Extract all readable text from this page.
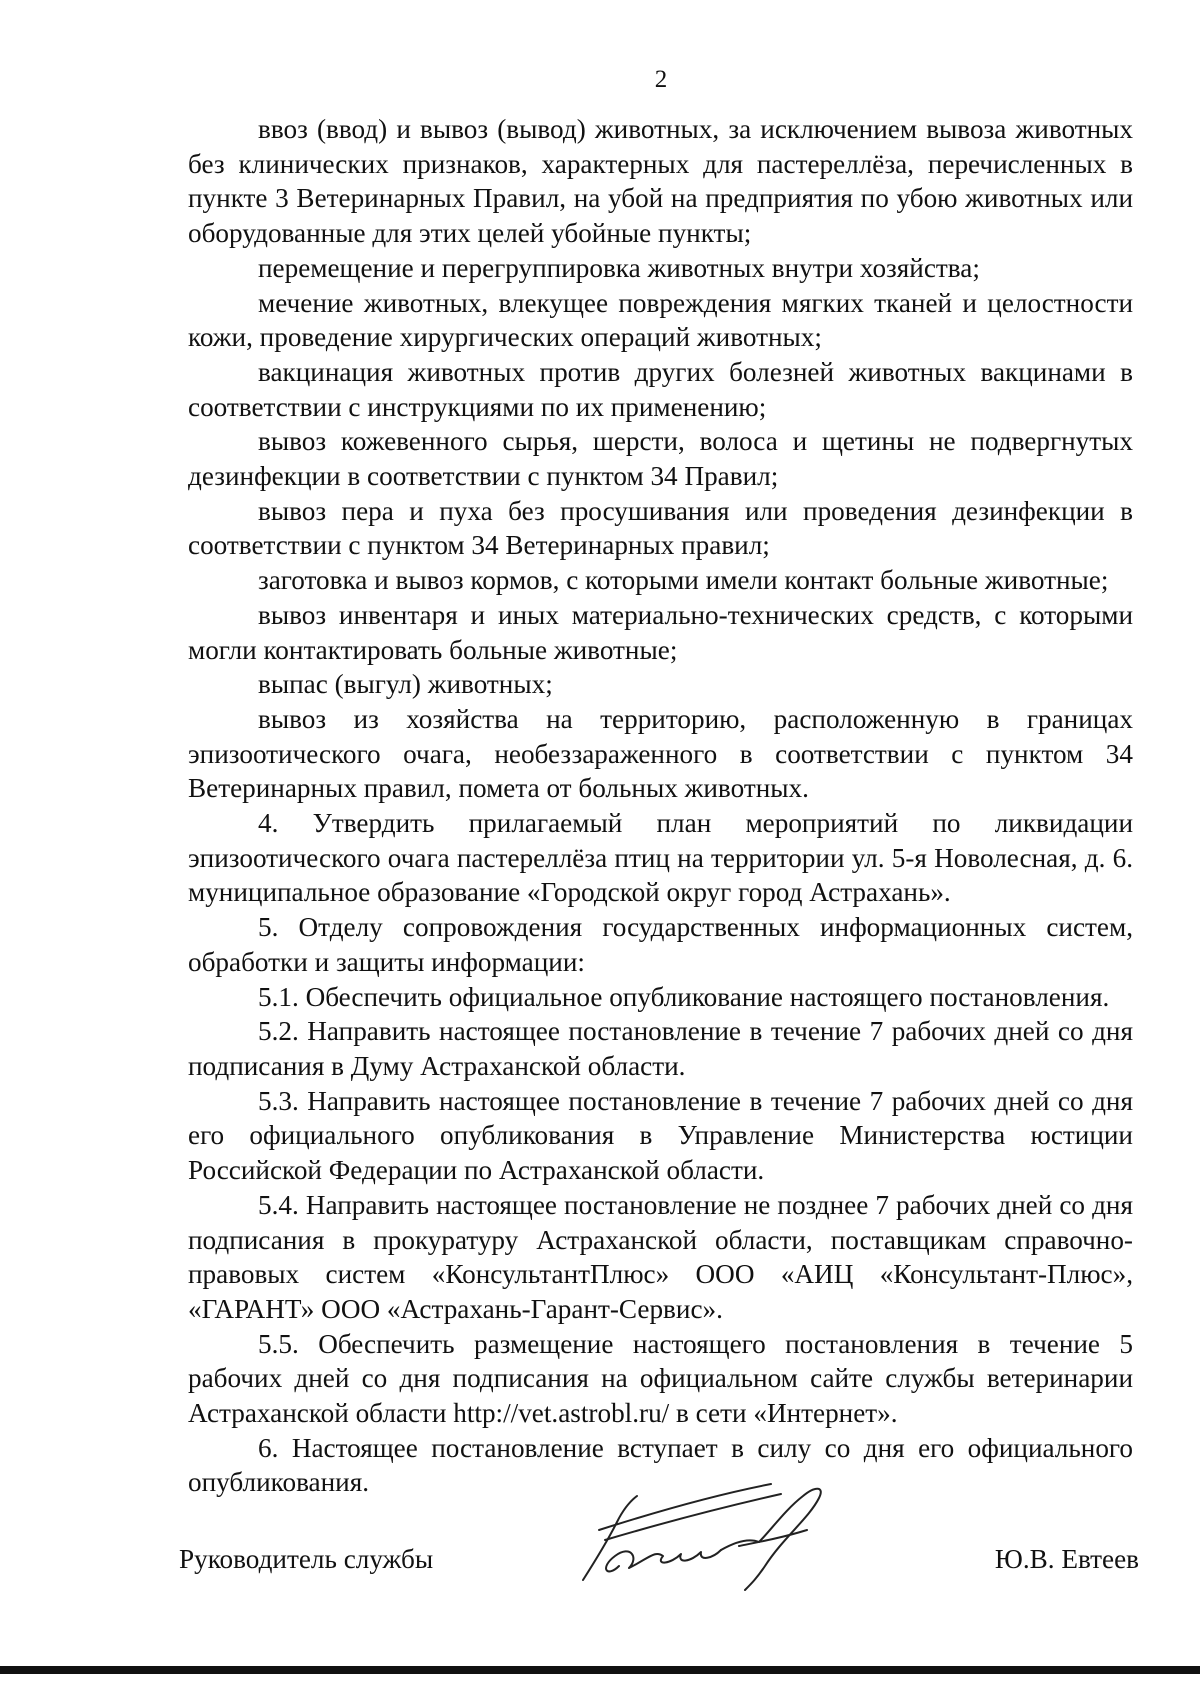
2

ввоз (ввод) и вывоз (вывод) животных, за исключением вывоза животных без клинических признаков, характерных для пастереллёза, перечисленных в пункте 3 Ветеринарных Правил, на убой на предприятия по убою животных или оборудованные для этих целей убойные пункты;

перемещение и перегруппировка животных внутри хозяйства;

мечение животных, влекущее повреждения мягких тканей и целостности кожи, проведение хирургических операций животных;

вакцинация животных против других болезней животных вакцинами в соответствии с инструкциями по их применению;

вывоз кожевенного сырья, шерсти, волоса и щетины не подвергнутых дезинфекции в соответствии с пунктом 34 Правил;

вывоз пера и пуха без просушивания или проведения дезинфекции в соответствии с пунктом 34 Ветеринарных правил;

заготовка и вывоз кормов, с которыми имели контакт больные животные;

вывоз инвентаря и иных материально-технических средств, с которыми могли контактировать больные животные;

выпас (выгул) животных;

вывоз из хозяйства на территорию, расположенную в границах эпизоотического очага, необеззараженного в соответствии с пунктом 34 Ветеринарных правил, помета от больных животных.

4. Утвердить прилагаемый план мероприятий по ликвидации эпизоотического очага пастереллёза птиц на территории ул. 5-я Новолесная, д. 6. муниципальное образование «Городской округ город Астрахань».

5. Отделу сопровождения государственных информационных систем, обработки и защиты информации:

5.1. Обеспечить официальное опубликование настоящего постановления.

5.2. Направить настоящее постановление в течение 7 рабочих дней со дня подписания в Думу Астраханской области.

5.3. Направить настоящее постановление в течение 7 рабочих дней со дня его официального опубликования в Управление Министерства юстиции Российской Федерации по Астраханской области.

5.4. Направить настоящее постановление не позднее 7 рабочих дней со дня подписания в прокуратуру Астраханской области, поставщикам справочно-правовых систем «КонсультантПлюс» ООО «АИЦ «Консультант-Плюс», «ГАРАНТ» ООО «Астрахань-Гарант-Сервис».

5.5. Обеспечить размещение настоящего постановления в течение 5 рабочих дней со дня подписания на официальном сайте службы ветеринарии Астраханской области http://vet.astrobl.ru/ в сети «Интернет».

6. Настоящее постановление вступает в силу со дня его официального опубликования.

Руководитель службы	Ю.В. Евтеев
